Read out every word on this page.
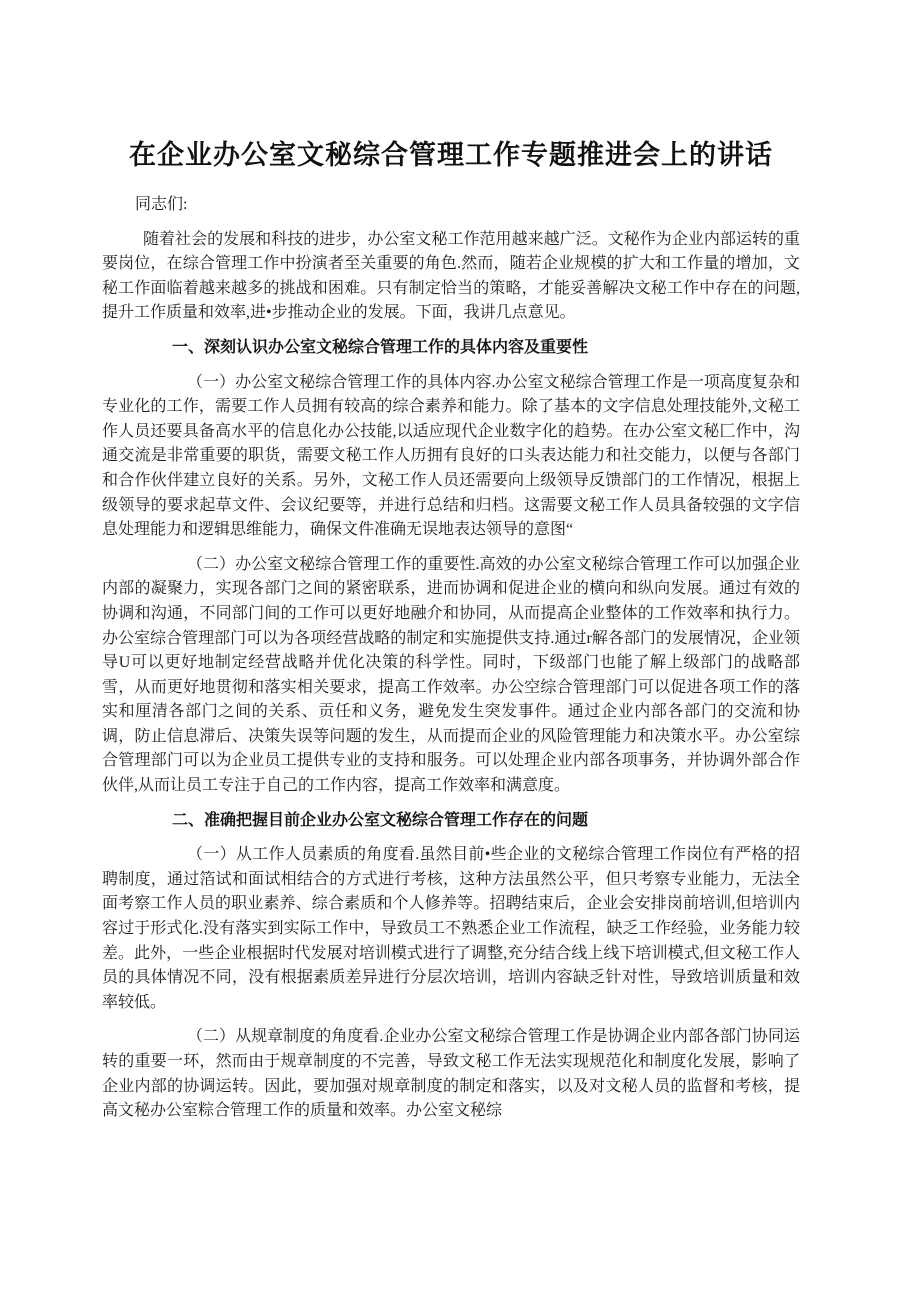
在企业办公室文秘综合管理工作专题推进会上的讲话

同志们:

随着社会的发展和科技的进步，办公室文秘工作范用越来越广泛。文秘作为企业内部运转的重要岗位，在综合管理工作中扮演者至关重要的角色.然而，随若企业规模的扩大和工作量的增加，文秘工作面临着越来越多的挑战和困难。只有制定恰当的策略，才能妥善解决文秘工作中存在的问题,提升工作质量和效率,进•步推动企业的发展。下面，我讲几点意见。

一、深刻认识办公室文秘综合管理工作的具体内容及重要性

（一）办公室文秘综合管理工作的具体内容.办公室文秘综合管理工作是一项高度复杂和专业化的工作，需要工作人员拥有较高的综合素养和能力。除了基本的文字信息处理技能外,文秘工作人员还要具备高水平的信息化办公技能,以适应现代企业数字化的趋势。在办公室文秘匚作中，沟通交流是非常重要的职货，需要文秘工作人历拥有良好的口头表达能力和社交能力，以便与各部门和合作伙伴建立良好的关系。另外，文秘工作人员还需要向上级领导反馈部门的工作情况，根据上级领导的要求起草文件、会议纪要等，并进行总结和归档。这需要文秘工作人员具备较强的文字信息处理能力和逻辑思维能力，确保文件准确无误地表达领导的意图“

（二）办公室文秘综合管理工作的重要性.高效的办公室文秘综合管理工作可以加强企业内部的凝聚力，实现各部门之间的紧密联系，进而协调和促进企业的横向和纵向发展。通过有效的协调和沟通，不同部门间的工作可以更好地融介和协同，从而提高企业整体的工作效率和执行力。办公室综合管理部门可以为各项经营战略的制定和实施提供支持.通过r解各部门的发展情况，企业领导U可以更好地制定经营战略并优化决策的科学性。同时，下级部门也能了解上级部门的战略部雪，从而更好地贯彻和落实相关要求，提高工作效率。办公空综合管理部门可以促进各项工作的落实和厘清各部门之间的关系、贡任和义务，避免发生突发事件。通过企业内部各部门的交流和协调，防止信息滞后、决策失误等问题的发生，从而提而企业的风险管理能力和决策水平。办公室综合管理部门可以为企业员工提供专业的支持和服务。可以处理企业内部各项事务，并协调外部合作伙伴,从而让员工专注于自己的工作内容，提高工作效率和满意度。

二、准确把握目前企业办公室文秘综合管理工作存在的问题

（一）从工作人员素质的角度看.虽然目前•些企业的文秘综合管理工作岗位有严格的招聘制度，通过箔试和面试相结合的方式进行考核，这种方法虽然公平，但只考察专业能力，无法全面考察工作人员的职业素养、综合素质和个人修养等。招聘结束后，企业会安排岗前培训,但培训内容过于形式化.没有落实到实际工作中，导致员工不熟悉企业工作流程，缺乏工作经验，业务能力较差。此外，一些企业根据时代发展对培训模式进行了调整,充分结合线上线下培训模式,但文秘工作人员的具体情况不同，没有根据素质差异进行分层次培训，培训内容缺乏针对性，导致培训质量和效率较低。

（二）从规章制度的角度看.企业办公室文秘综合管理工作是协调企业内部各部门协同运转的重要一环，然而由于规章制度的不完善，导致文秘工作无法实现规范化和制度化发展，影响了企业内部的协调运转。因此，要加强对规章制度的制定和落实，以及对文秘人员的监督和考核，提高文秘办公室粽合管理工作的质量和效率。办公室文秘综
